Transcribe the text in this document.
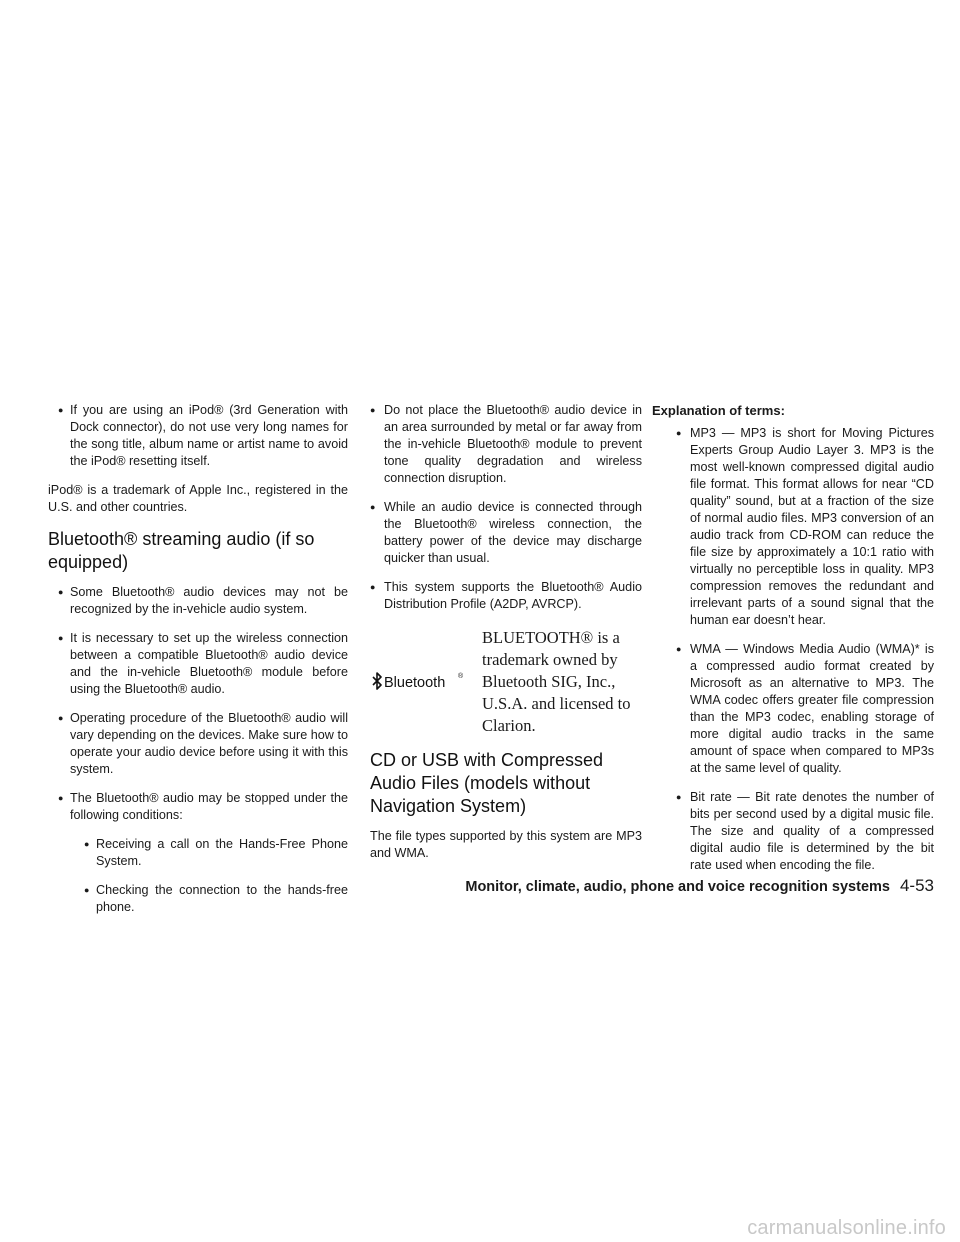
● If you are using an iPod® (3rd Generation with Dock connector), do not use very long names for the song title, album name or artist name to avoid the iPod® resetting itself.

iPod® is a trademark of Apple Inc., registered in the U.S. and other countries.

Bluetooth® streaming audio (if so equipped)
● Some Bluetooth® audio devices may not be recognized by the in-vehicle audio system.
● It is necessary to set up the wireless connection between a compatible Bluetooth® audio device and the in-vehicle Bluetooth® module before using the Bluetooth® audio.
● Operating procedure of the Bluetooth® audio will vary depending on the devices. Make sure how to operate your audio device before using it with this system.
● The Bluetooth® audio may be stopped under the following conditions:
● Receiving a call on the Hands-Free Phone System.
● Checking the connection to the hands-free phone.
● Do not place the Bluetooth® audio device in an area surrounded by metal or far away from the in-vehicle Bluetooth® module to prevent tone quality degradation and wireless connection disruption.
● While an audio device is connected through the Bluetooth® wireless connection, the battery power of the device may discharge quicker than usual.
● This system supports the Bluetooth® Audio Distribution Profile (A2DP, AVRCP).
Bluetooth ®
BLUETOOTH® is a trademark owned by Bluetooth SIG, Inc., U.S.A. and licensed to Clarion.
CD or USB with Compressed Audio Files (models without Navigation System)

The file types supported by this system are MP3 and WMA.

Explanation of terms:
● MP3 — MP3 is short for Moving Pictures Experts Group Audio Layer 3. MP3 is the most well-known compressed digital audio file format. This format allows for near “CD quality” sound, but at a fraction of the size of normal audio files. MP3 conversion of an audio track from CD-ROM can reduce the file size by approximately a 10:1 ratio with virtually no perceptible loss in quality. MP3 compression removes the redundant and irrelevant parts of a sound signal that the human ear doesn’t hear.
● WMA — Windows Media Audio (WMA)* is a compressed audio format created by Microsoft as an alternative to MP3. The WMA codec offers greater file compression than the MP3 codec, enabling storage of more digital audio tracks in the same amount of space when compared to MP3s at the same level of quality.
● Bit rate — Bit rate denotes the number of bits per second used by a digital music file. The size and quality of a compressed digital audio file is determined by the bit rate used when encoding the file.
Monitor, climate, audio, phone and voice recognition systems 4-53
carmanualsonline.info
